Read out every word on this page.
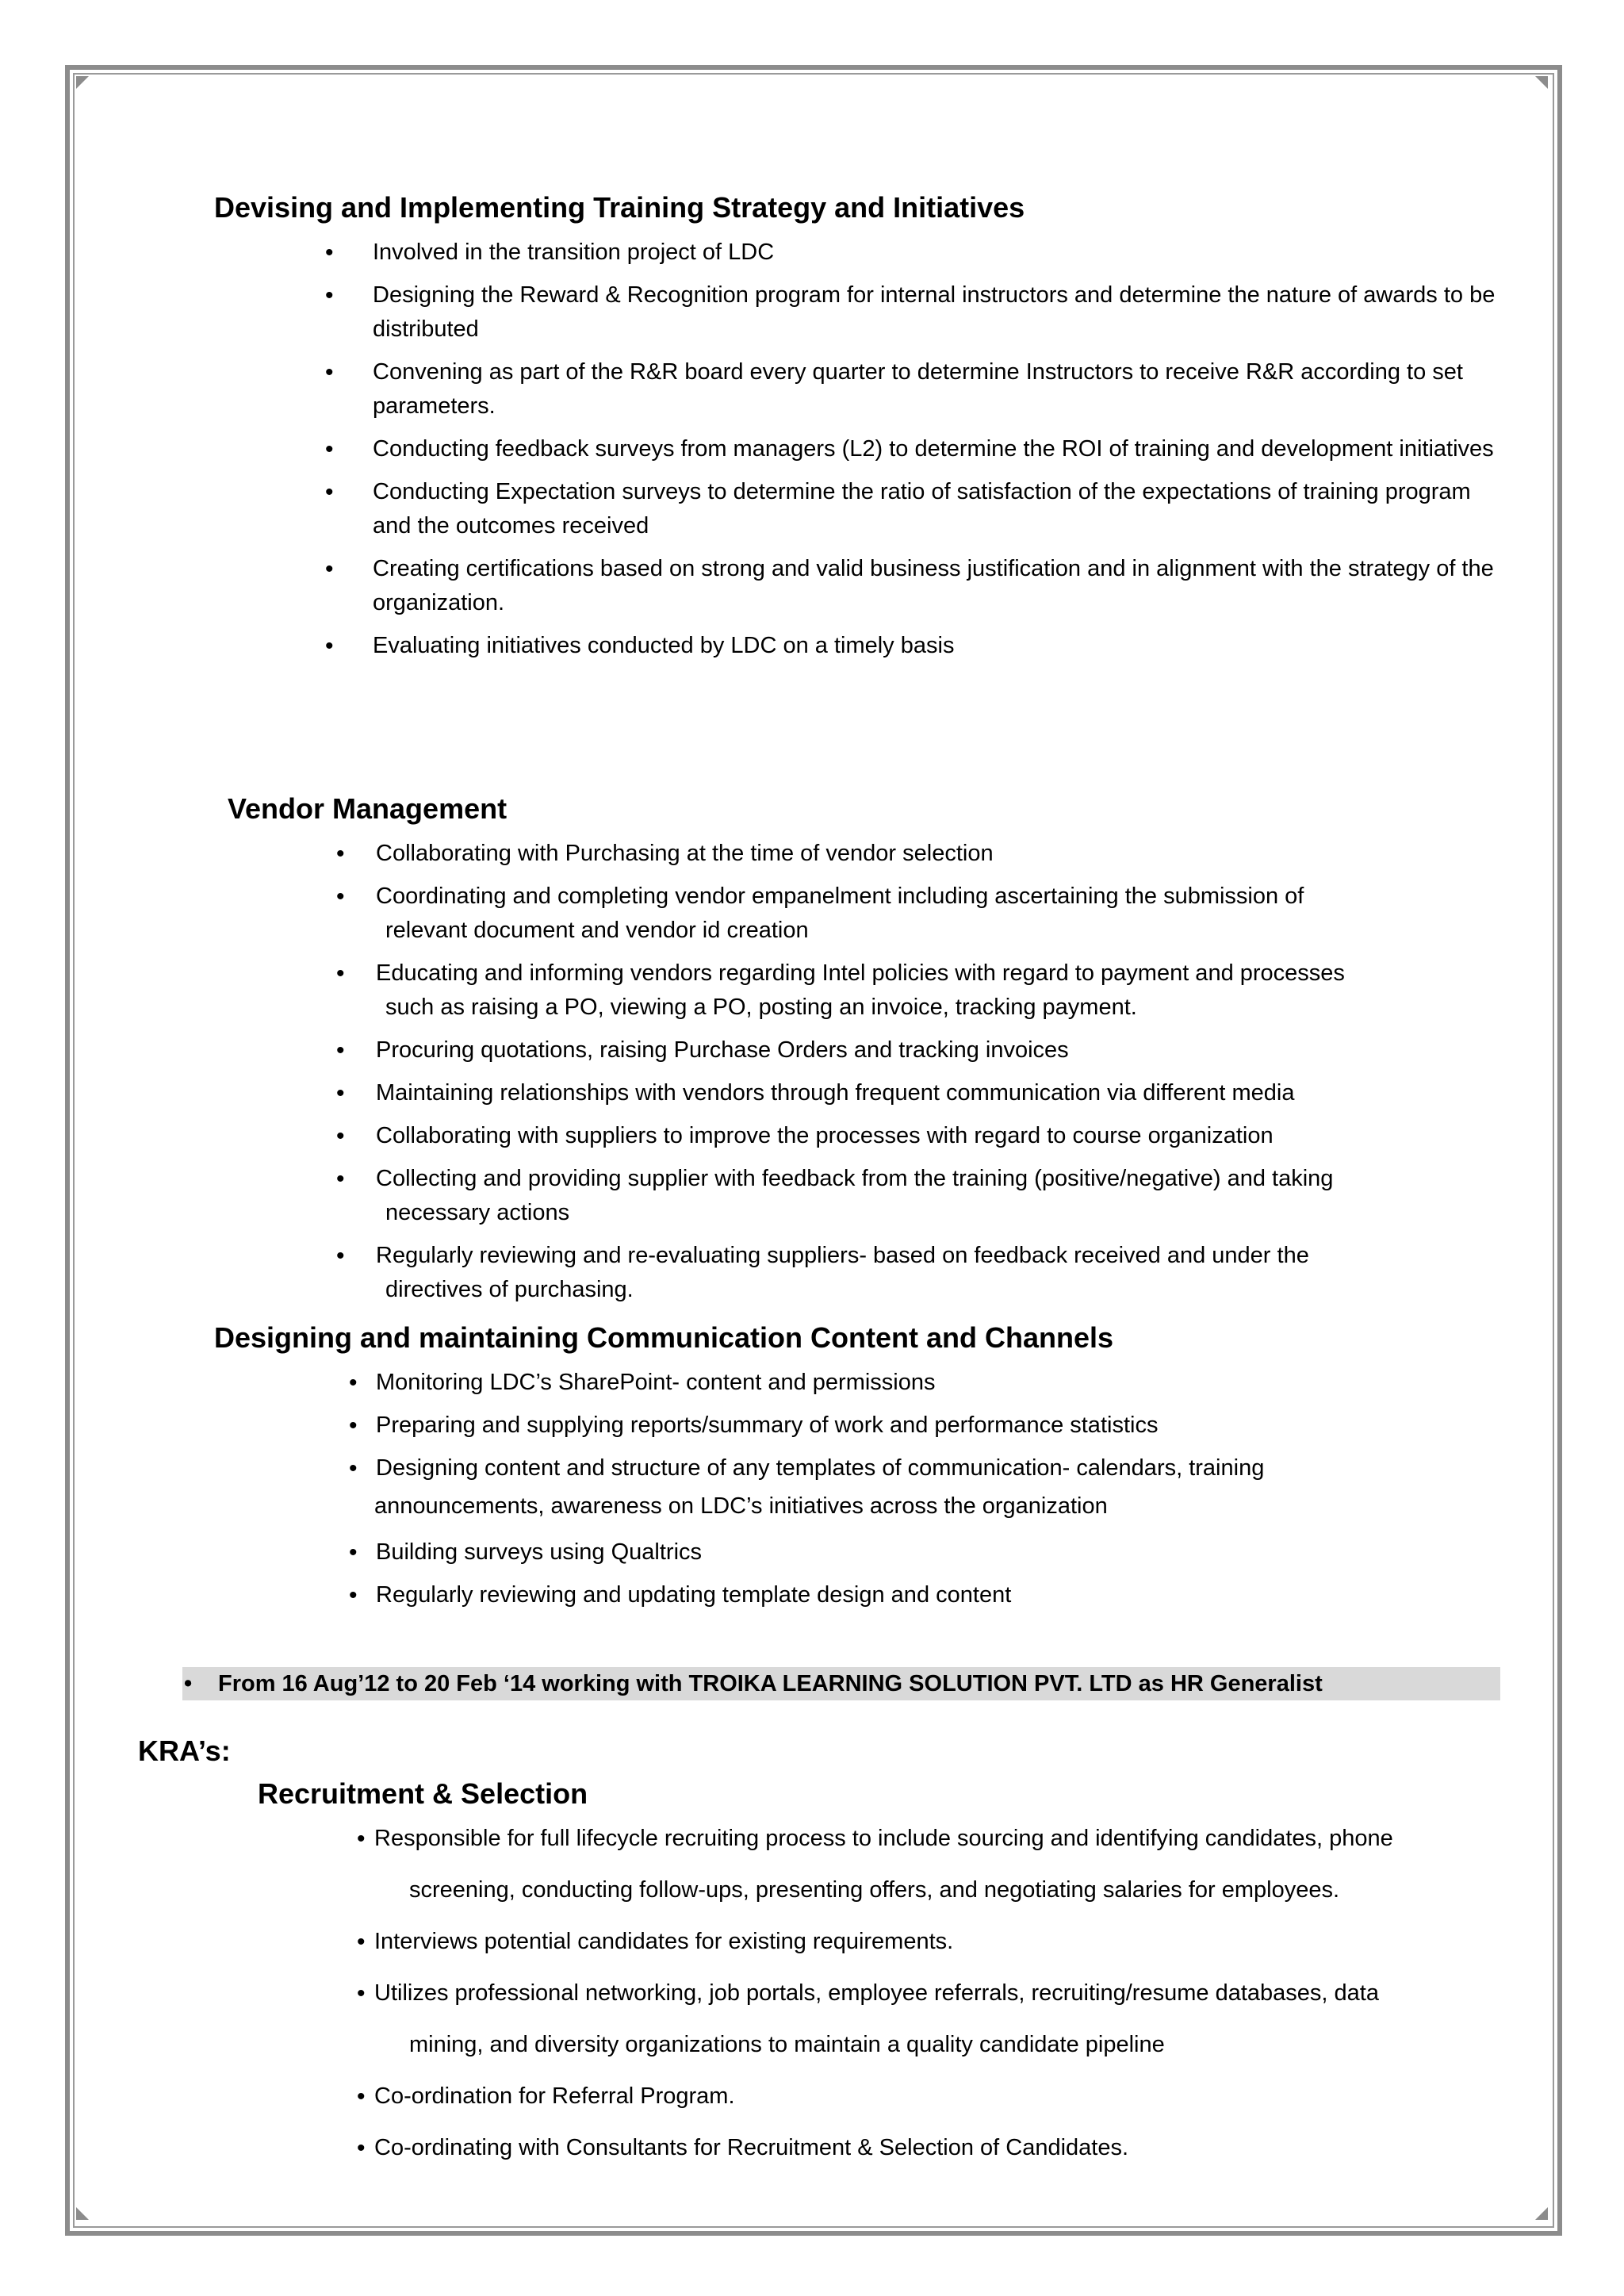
Devising and Implementing Training Strategy and Initiatives
• Involved in the transition project of LDC
• Designing the Reward & Recognition program for internal instructors and determine the nature of awards to be distributed
• Convening as part of the R&R board every quarter to determine Instructors to receive R&R according to set parameters.
• Conducting feedback surveys from managers (L2) to determine the ROI of training and development initiatives
• Conducting Expectation surveys to determine the ratio of satisfaction of the expectations of training program and the outcomes received
• Creating certifications based on strong and valid business justification and in alignment with the strategy of the organization.
• Evaluating initiatives conducted by LDC on a timely basis
Vendor Management
• Collaborating with Purchasing at the time of vendor selection
• Coordinating and completing vendor empanelment including ascertaining the submission of
relevant document and vendor id creation
• Educating and informing vendors regarding Intel policies with regard to payment and processes
such as raising a PO, viewing a PO, posting an invoice, tracking payment.
• Procuring quotations, raising Purchase Orders and tracking invoices
• Maintaining relationships with vendors through frequent communication via different media
• Collaborating with suppliers to improve the processes with regard to course organization
• Collecting and providing supplier with feedback from the training (positive/negative) and taking
necessary actions
• Regularly reviewing and re-evaluating suppliers- based on feedback received and under the
directives of purchasing.
Designing and maintaining Communication Content and Channels
• Monitoring LDC’s SharePoint- content and permissions
• Preparing and supplying reports/summary of work and performance statistics
• Designing content and structure of any templates of communication- calendars, training
announcements, awareness on LDC’s initiatives across the organization
• Building surveys using Qualtrics
• Regularly reviewing and updating template design and content
• From 16 Aug’12 to 20 Feb ‘14 working with TROIKA LEARNING SOLUTION PVT. LTD as HR Generalist
KRA’s:
Recruitment & Selection
• Responsible for full lifecycle recruiting process to include sourcing and identifying candidates, phone
screening, conducting follow-ups, presenting offers, and negotiating salaries for employees.
• Interviews potential candidates for existing requirements.
• Utilizes professional networking, job portals, employee referrals, recruiting/resume databases, data
mining, and diversity organizations to maintain a quality candidate pipeline
• Co-ordination for Referral Program.
• Co-ordinating with Consultants for Recruitment & Selection of Candidates.
